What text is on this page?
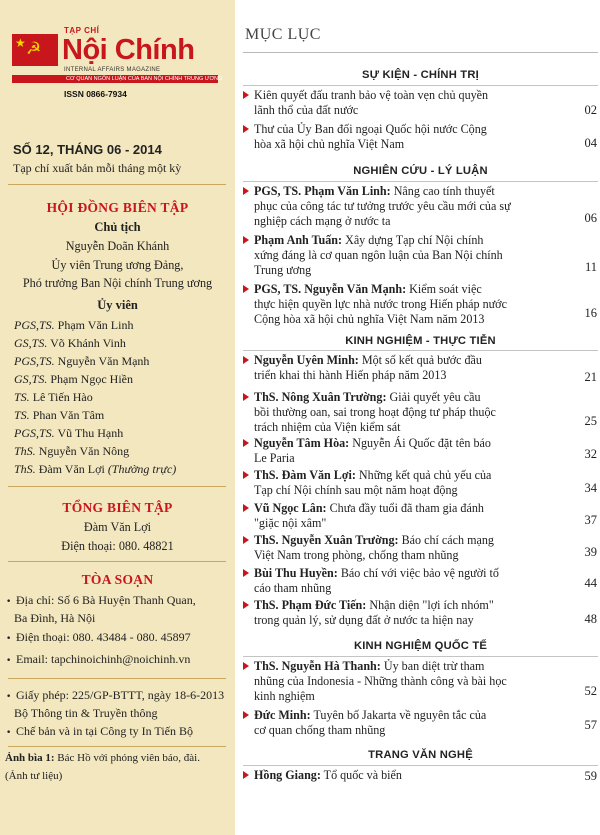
★ ☭
TẠP CHÍ
Nội Chính
INTERNAL AFFAIRS MAGAZINE
CƠ QUAN NGÔN LUẬN CỦA BAN NỘI CHÍNH TRUNG ƯƠNG
ISSN 0866-7934
SỐ 12, THÁNG 06 - 2014
Tạp chí xuất bản mỗi tháng một kỳ
HỘI ĐỒNG BIÊN TẬP
Chủ tịch
Nguyễn Doãn Khánh
Ủy viên Trung ương Đảng,
Phó trưởng Ban Nội chính Trung ương
Ủy viên
PGS,TS. Phạm Văn Linh
GS,TS. Võ Khánh Vinh
PGS,TS. Nguyễn Văn Mạnh
GS,TS. Phạm Ngọc Hiền
TS. Lê Tiến Hào
TS. Phan Văn Tâm
PGS,TS. Vũ Thu Hạnh
ThS. Nguyễn Văn Nông
ThS. Đàm Văn Lợi (Thường trực)
TỔNG BIÊN TẬP
Đàm Văn Lợi
Điện thoại: 080. 48821
TÒA SOẠN
• Địa chỉ: Số 6 Bà Huyện Thanh Quan,
Ba Đình, Hà Nội
• Điện thoại: 080. 43484 - 080. 45897
• Email: tapchinoichinh@noichinh.vn
• Giấy phép: 225/GP-BTTT, ngày 18-6-2013
Bộ Thông tin & Truyền thông
• Chế bản và in tại Công ty In Tiến Bộ
Ảnh bìa 1: Bác Hồ với phóng viên báo, đài.
(Ảnh tư liệu)
MỤC LỤC
SỰ KIỆN - CHÍNH TRỊ
Kiên quyết đấu tranh bảo vệ toàn vẹn chủ quyền
lãnh thổ của đất nước	02
Thư của Ủy Ban đối ngoại Quốc hội nước Cộng
hòa xã hội chủ nghĩa Việt Nam	04
NGHIÊN CỨU - LÝ LUẬN
PGS, TS. Phạm Văn Linh: Nâng cao tính thuyết
phục của công tác tư tưởng trước yêu cầu mới của sự
nghiệp cách mạng ở nước ta	06
Phạm Anh Tuấn: Xây dựng Tạp chí Nội chính
xứng đáng là cơ quan ngôn luận của Ban Nội chính
Trung ương	11
PGS, TS. Nguyễn Văn Mạnh: Kiểm soát việc
thực hiện quyền lực nhà nước trong Hiến pháp nước
Cộng hòa xã hội chủ nghĩa Việt Nam năm 2013	16
KINH NGHIỆM - THỰC TIỄN
Nguyễn Uyên Minh: Một số kết quả bước đầu
triển khai thi hành Hiến pháp năm 2013	21
ThS. Nông Xuân Trường: Giải quyết yêu cầu
bồi thường oan, sai trong hoạt động tư pháp thuộc
trách nhiệm của Viện kiểm sát	25
Nguyễn Tâm Hòa: Nguyễn Ái Quốc đặt tên báo
Le Paria	32
ThS. Đàm Văn Lợi: Những kết quả chủ yếu của
Tạp chí Nội chính sau một năm hoạt động	34
Vũ Ngọc Lân: Chưa đầy tuổi đã tham gia đánh
"giặc nội xâm"	37
ThS. Nguyễn Xuân Trường: Báo chí cách mạng
Việt Nam trong phòng, chống tham nhũng	39
Bùi Thu Huyền: Báo chí với việc bảo vệ người tố
cáo tham nhũng	44
ThS. Phạm Đức Tiến: Nhận diện "lợi ích nhóm"
trong quản lý, sử dụng đất ở nước ta hiện nay	48
KINH NGHIỆM QUỐC TẾ
ThS. Nguyễn Hà Thanh: Ủy ban diệt trừ tham
nhũng của Indonesia - Những thành công và bài học
kinh nghiệm	52
Đức Minh: Tuyên bố Jakarta về nguyên tắc của
cơ quan chống tham nhũng	57
TRANG VĂN NGHỆ
Hồng Giang: Tổ quốc và biển	59
